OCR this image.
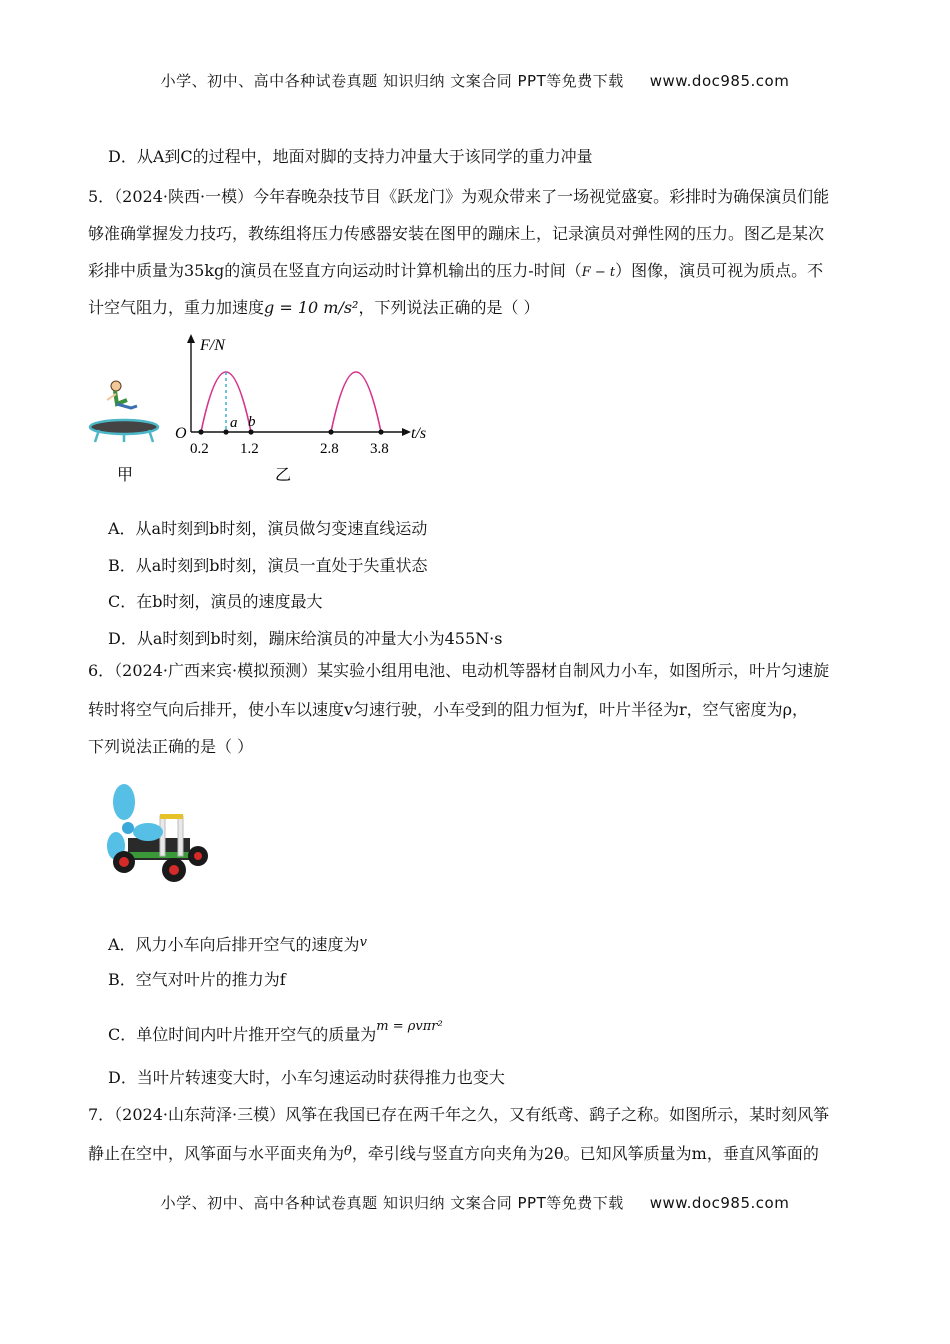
小学、初中、高中各种试卷真题 知识归纳 文案合同 PPT等免费下载 www.doc985.com
D．从A到C的过程中，地面对脚的支持力冲量大于该同学的重力冲量
5．（2024·陕西·一模）今年春晚杂技节目《跃龙门》为观众带来了一场视觉盛宴。彩排时为确保演员们能
够准确掌握发力技巧，教练组将压力传感器安装在图甲的蹦床上，记录演员对弹性网的压力。图乙是某次
彩排中质量为35kg的演员在竖直方向运动时计算机输出的压力-时间（F − t）图像，演员可视为质点。不
计空气阻力，重力加速度g = 10 m/s²，下列说法正确的是（ ）
甲
F/N
t/s
O
0.2 1.2	2.8 3.8
a b
乙
A．从a时刻到b时刻，演员做匀变速直线运动
B．从a时刻到b时刻，演员一直处于失重状态
C．在b时刻，演员的速度最大
D．从a时刻到b时刻，蹦床给演员的冲量大小为455N·s
6．（2024·广西来宾·模拟预测）某实验小组用电池、电动机等器材自制风力小车，如图所示，叶片匀速旋
转时将空气向后排开，使小车以速度v匀速行驶，小车受到的阻力恒为f，叶片半径为r，空气密度为ρ，
下列说法正确的是（ ）
A．风力小车向后排开空气的速度为$^v$
B．空气对叶片的推力为f
C．单位时间内叶片推开空气的质量为$^{m = \rho v\pi r^2}$
D．当叶片转速变大时，小车匀速运动时获得推力也变大
7．（2024·山东菏泽·三模）风筝在我国已存在两千年之久，又有纸鸢、鹞子之称。如图所示，某时刻风筝
静止在空中，风筝面与水平面夹角为$^\theta$，牵引线与竖直方向夹角为2θ。已知风筝质量为m，垂直风筝面的
小学、初中、高中各种试卷真题 知识归纳 文案合同 PPT等免费下载 www.doc985.com
